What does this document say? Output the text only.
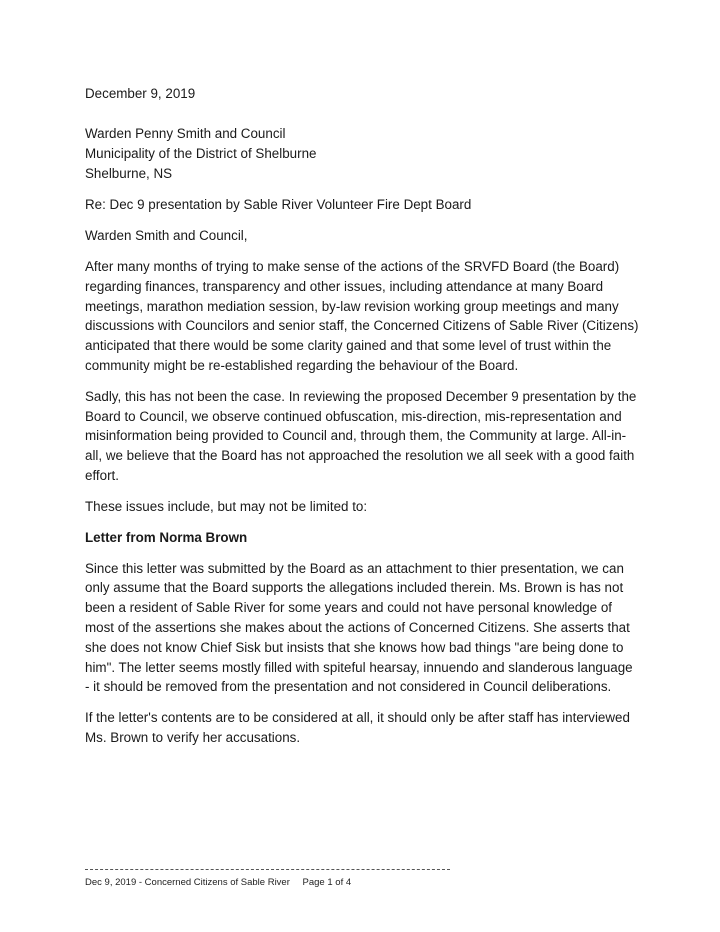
December 9, 2019
Warden Penny Smith and Council
Municipality of the District of Shelburne
Shelburne, NS
Re: Dec 9 presentation by Sable River Volunteer Fire Dept Board
Warden Smith and Council,

After many months of trying to make sense of the actions of the SRVFD Board (the Board) regarding finances, transparency and other issues, including attendance at many Board meetings, marathon mediation session, by-law revision working group meetings and many discussions with Councilors and senior staff, the Concerned Citizens of Sable River (Citizens) anticipated that there would be some clarity gained and that some level of trust within the community might be re-established regarding the behaviour of the Board.

Sadly, this has not been the case. In reviewing the proposed December 9 presentation by the Board to Council, we observe continued obfuscation, mis-direction, mis-representation and misinformation being provided to Council and, through them, the Community at large. All-in-all, we believe that the Board has not approached the resolution we all seek with a good faith effort.

These issues include, but may not be limited to:

Letter from Norma Brown

Since this letter was submitted by the Board as an attachment to thier presentation, we can only assume that the Board supports the allegations included therein. Ms. Brown is has not been a resident of Sable River for some years and could not have personal knowledge of most of the assertions she makes about the actions of Concerned Citizens. She asserts that she does not know Chief Sisk but insists that she knows how bad things "are being done to him". The letter seems mostly filled with spiteful hearsay, innuendo and slanderous language - it should be removed from the presentation and not considered in Council deliberations.

If the letter's contents are to be considered at all, it should only be after staff has interviewed Ms. Brown to verify her accusations.

Dec 9, 2019 - Concerned Citizens of Sable River Page 1 of 4
